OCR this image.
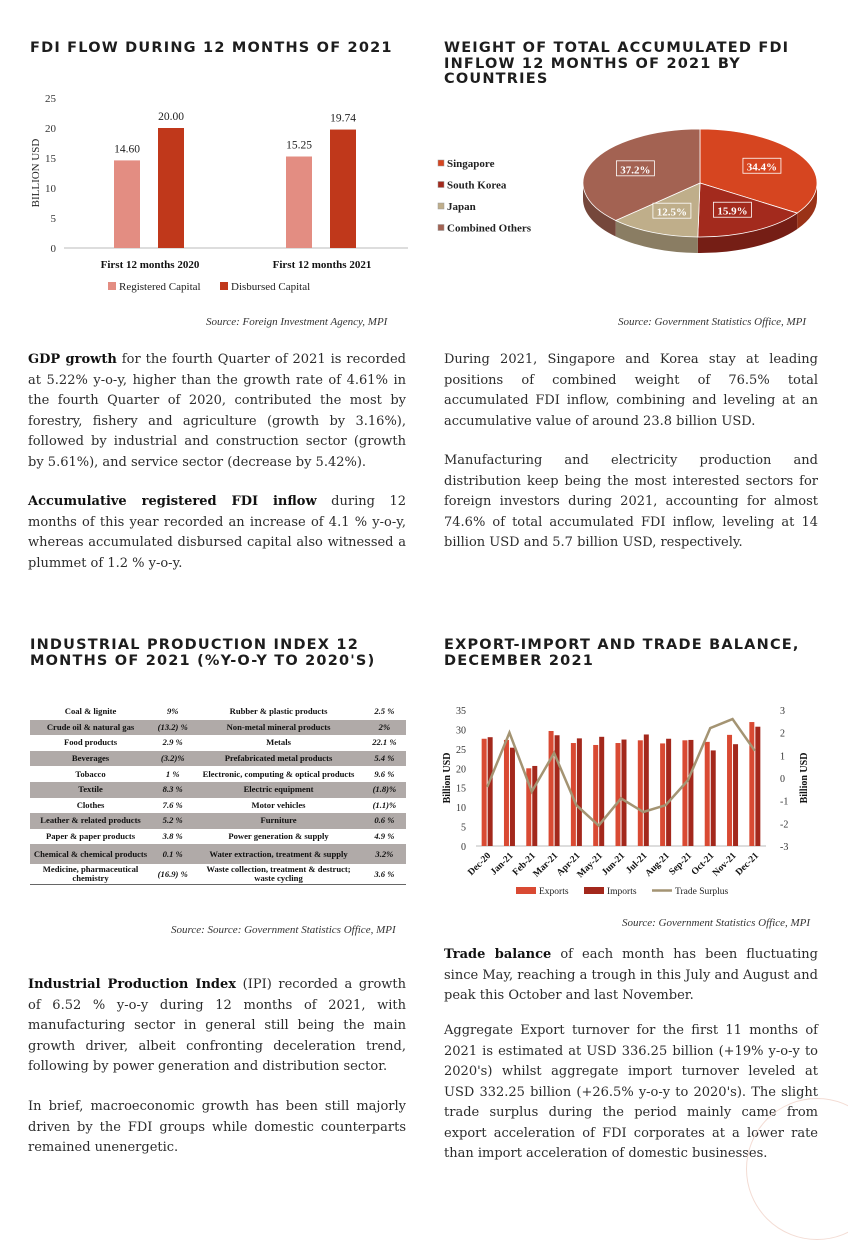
FDI FLOW DURING 12 MONTHS OF 2021
0
5
10
15
20
25
BILLION USD	14.60
20.00
First 12 months 2020
15.25
19.74
First 12 months 2021
Registered Capital	Disbursed Capital
Source: Foreign Investment Agency, MPI
WEIGHT OF TOTAL ACCUMULATED FDI
INFLOW 12 MONTHS OF 2021 BY COUNTRIES
34.4%
15.9%
12.5%
37.2%
Singapore
South Korea
Japan
Combined Others
Source: Government Statistics Office, MPI

GDP growth for the fourth Quarter of 2021 is recorded at 5.22% y-o-y, higher than the growth rate of 4.61% in the fourth Quarter of 2020, contributed the most by forestry, fishery and agriculture (growth by 3.16%), followed by industrial and construction sector (growth by 5.61%), and service sector (decrease by 5.42%).

Accumulative registered FDI inflow during 12 months of this year recorded an increase of 4.1 % y-o-y, whereas accumulated disbursed capital also witnessed a plummet of 1.2 % y-o-y.

During 2021, Singapore and Korea stay at leading positions of combined weight of 76.5% total accumulated FDI inflow, combining and leveling at an accumulative value of around 23.8 billion USD.

Manufacturing and electricity production and distribution keep being the most interested sectors for foreign investors during 2021, accounting for almost 74.6% of total accumulated FDI inflow, leveling at 14 billion USD and 5.7 billion USD, respectively.

INDUSTRIAL PRODUCTION INDEX 12
MONTHS OF 2021 (%Y-O-Y TO 2020'S)
Coal & lignite	9%	Rubber & plastic products	2.5 %
Crude oil & natural gas	(13.2) %	Non-metal mineral products	2%
Food products	2.9 %	Metals	22.1 %
Beverages	(3.2)%	Prefabricated metal products	5.4 %
Tobacco	1 %	Electronic, computing & optical products	9.6 %
Textile	8.3 %	Electric equipment	(1.8)%
Clothes	7.6 %	Motor vehicles	(1.1)%
Leather & related products	5.2 %	Furniture	0.6 %
Paper & paper products	3.8 %	Power generation & supply	4.9 %
Chemical & chemical products	0.1 %	Water extraction, treatment & supply	3.2%
Medicine, pharmaceutical chemistry	(16.9) %	Waste collection, treatment & destruct; waste cycling	3.6 %
Source: Source: Government Statistics Office, MPI
EXPORT-IMPORT AND TRADE BALANCE,
DECEMBER 2021
0
5
10
15
20
25
30
35
-3
-2
-1
0
1
2
3
Billion USD	Billion USD
Dec-20
Jan-21
Feb-21
Mar-21
Apr-21
May-21
Jun-21
Jul-21
Aug-21
Sep-21
Oct-21
Nov-21
Dec-21
Exports	Imports	Trade Surplus
Source: Government Statistics Office, MPI

Industrial Production Index (IPI) recorded a growth of 6.52 % y-o-y during 12 months of 2021, with manufacturing sector in general still being the main growth driver, albeit confronting deceleration trend, following by power generation and distribution sector.

In brief, macroeconomic growth has been still majorly driven by the FDI groups while domestic counterparts remained unenergetic.

Trade balance of each month has been fluctuating since May, reaching a trough in this July and August and peak this October and last November.

Aggregate Export turnover for the first 11 months of 2021 is estimated at USD 336.25 billion (+19% y-o-y to 2020's) whilst aggregate import turnover leveled at USD 332.25 billion (+26.5% y-o-y to 2020's). The slight trade surplus during the period mainly came from export acceleration of FDI corporates at a lower rate than import acceleration of domestic businesses.
